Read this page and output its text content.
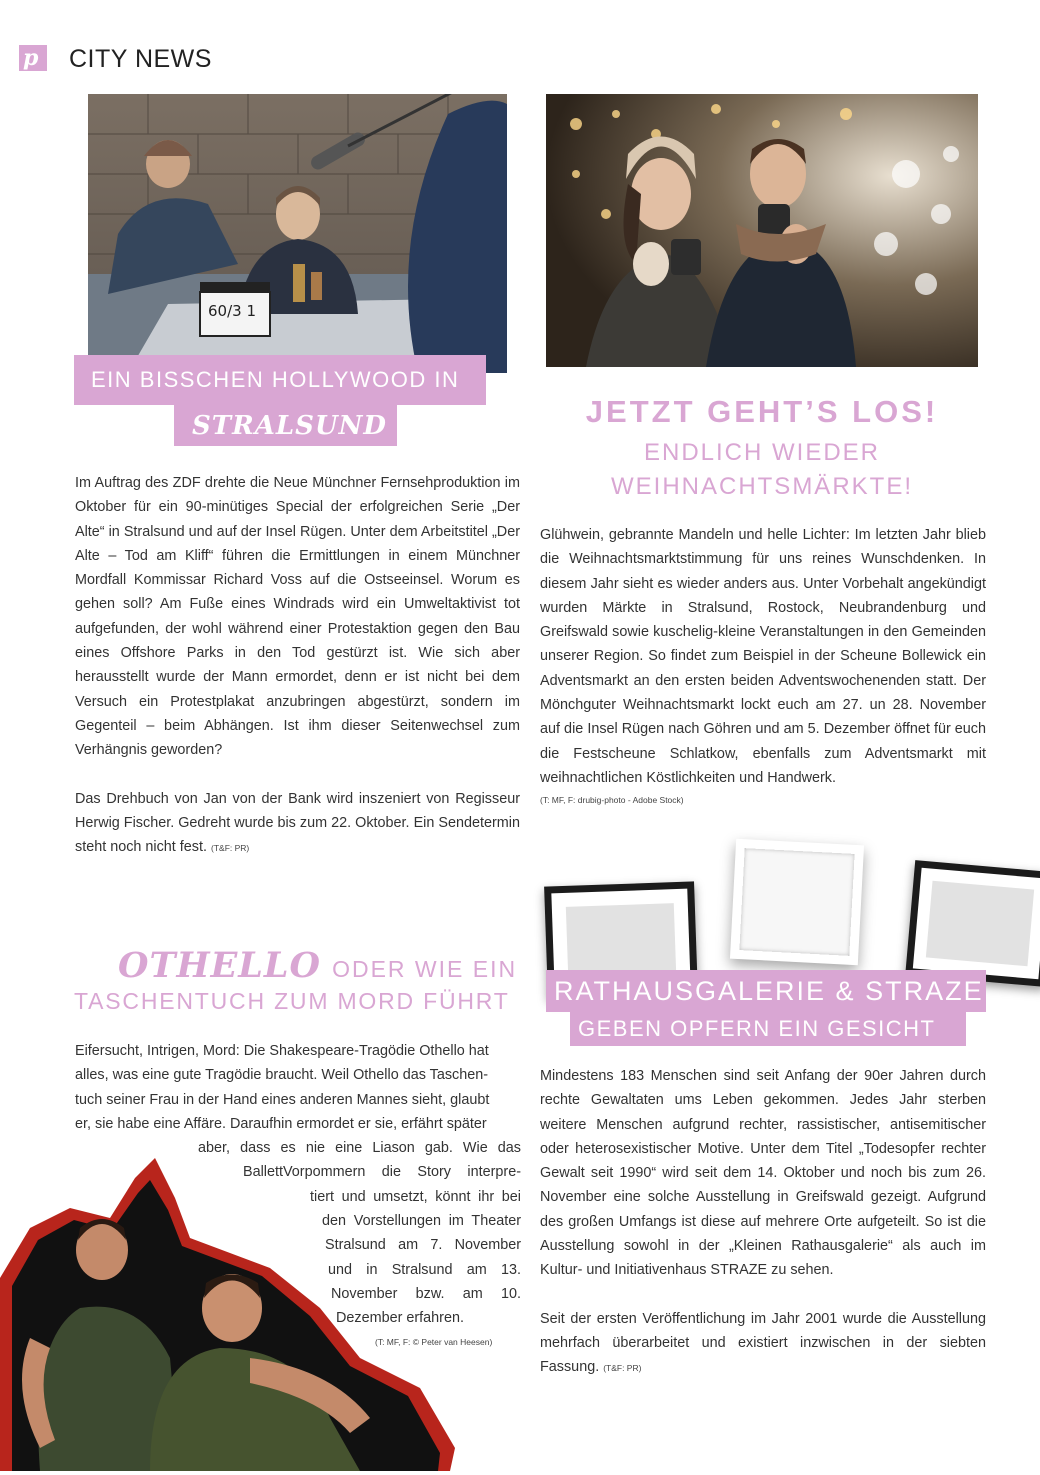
p CITY NEWS
60/3 1
EIN BISSCHEN HOLLYWOOD IN
STRALSUND

Im Auftrag des ZDF drehte die Neue Münchner Fernsehproduktion im Oktober für ein 90-minütiges Special der erfolgreichen Serie „Der Alte“ in Stralsund und auf der Insel Rügen. Unter dem Arbeitstitel „Der Alte – Tod am Kliff“ führen die Ermittlungen in einem Münchner Mordfall Kommissar Richard Voss auf die Ostseeinsel. Worum es gehen soll? Am Fuße eines Windrads wird ein Umweltaktivist tot aufgefunden, der wohl während einer Protestaktion gegen den Bau eines Offshore Parks in den Tod gestürzt ist. Wie sich aber herausstellt wurde der Mann ermordet, denn er ist nicht bei dem Versuch ein Protestplakat anzubringen abgestürzt, sondern im Gegenteil – beim Abhängen. Ist ihm dieser Seitenwechsel zum Verhängnis geworden?

Das Drehbuch von Jan von der Bank wird inszeniert von Regisseur Herwig Fischer. Gedreht wurde bis zum 22. Oktober. Ein Sendetermin steht noch nicht fest. (T&F: PR)

JETZT GEHT’S LOS!
ENDLICH WIEDER
WEIHNACHTSMÄRKTE!

Glühwein, gebrannte Mandeln und helle Lichter: Im letzten Jahr blieb die Weihnachtsmarktstimmung für uns reines Wunschdenken. In diesem Jahr sieht es wieder anders aus. Unter Vorbehalt angekündigt wurden Märkte in Stralsund, Rostock, Neubrandenburg und Greifswald sowie kuschelig-kleine Veranstaltungen in den Gemeinden unserer Region. So findet zum Beispiel in der Scheune Bollewick ein Adventsmarkt an den ersten beiden Adventswochenenden statt. Der Mönchguter Weihnachtsmarkt lockt euch am 27. un 28. November auf die Insel Rügen nach Göhren und am 5. Dezember öffnet für euch die Festscheune Schlatkow, ebenfalls zum Adventsmarkt mit weihnachtlichen Köstlichkeiten und Handwerk.

(T: MF, F: drubig-photo - Adobe Stock)

RATHAUSGALERIE & STRAZE
GEBEN OPFERN EIN GESICHT

Mindestens 183 Menschen sind seit Anfang der 90er Jahren durch rechte Gewaltaten ums Leben gekommen. Jedes Jahr sterben weitere Menschen aufgrund rechter, rassistischer, antisemitischer oder heterosexistischer Motive. Unter dem Titel „Todesopfer rechter Gewalt seit 1990“ wird seit dem 14. Oktober und noch bis zum 26. November eine solche Ausstellung in Greifswald gezeigt. Aufgrund des großen Umfangs ist diese auf mehrere Orte aufgeteilt. So ist die Ausstellung sowohl in der „Kleinen Rathausgalerie“ als auch im Kultur- und Initiativenhaus STRAZE zu sehen.

Seit der ersten Veröffentlichung im Jahr 2001 wurde die Ausstellung mehrfach überarbeitet und existiert inzwischen in der siebten Fassung. (T&F: PR)

OTHELLO ODER WIE EIN
TASCHENTUCH ZUM MORD FÜHRT
Eifersucht, Intrigen, Mord: Die Shakespeare-Tragödie Othello hat
alles, was eine gute Tragödie braucht. Weil Othello das Taschen-
tuch seiner Frau in der Hand eines anderen Mannes sieht, glaubt
er, sie habe eine Affäre. Daraufhin ermordet er sie, erfährt später
aber, dass es nie eine Liason gab. Wie das
BallettVorpommern die Story interpre-
tiert und umsetzt, könnt ihr bei
den Vorstellungen im Theater
Stralsund am 7. November
und in Stralsund am 13.
November bzw. am 10.
Dezember erfahren.
(T: MF, F: © Peter van Heesen)
